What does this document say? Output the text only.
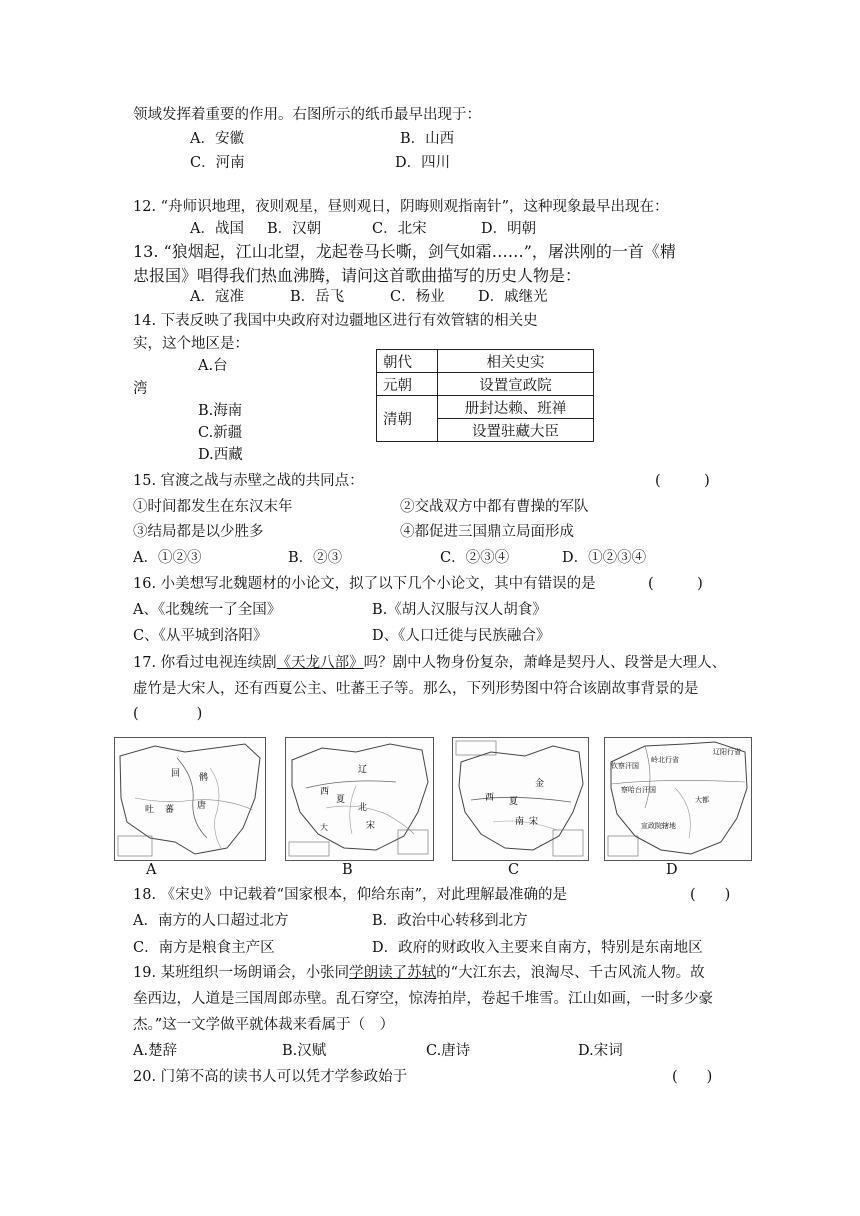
领域发挥着重要的作用。右图所示的纸币最早出现于：
A．安徽	B．山西
C．河南	D．四川
12. “舟师识地理，夜则观星，昼则观日，阴晦则观指南针”，这种现象最早出现在：
A．战国 B．汉朝	C．北宋	D．明朝
13. “狼烟起，江山北望，龙起卷马长嘶，剑气如霜……”，屠洪刚的一首《精
忠报国》唱得我们热血沸腾，请问这首歌曲描写的历史人物是：
A．寇准	B．岳飞	C．杨业 D．戚继光
14. 下表反映了我国中央政府对边疆地区进行有效管辖的相关史
实，这个地区是：
A.台
湾
B.海南
C.新疆
D.西藏
朝代	相关史实
元朝	设置宣政院
清朝	册封达赖、班禅
	设置驻藏大臣
15. 官渡之战与赤壁之战的共同点：	(　　　)
①时间都发生在东汉末年	②交战双方中都有曹操的军队
③结局都是以少胜多	④都促进三国鼎立局面形成
A．①②③	B．②③	C．②③④	D．①②③④
16. 小美想写北魏题材的小论文，拟了以下几个小论文，其中有错误的是	(　　　)
A、《北魏统一了全国》	B.《胡人汉服与汉人胡食》
C、《从平城到洛阳》	D、《人口迁徙与民族融合》
17. 你看过电视连续剧《天龙八部》吗？剧中人物身份复杂，萧峰是契丹人、段誉是大理人、
虚竹是大宋人，还有西夏公主、吐蕃王子等。那么，下列形势图中符合该剧故事背景的是
(　　　　)
回 鹘
吐 蕃	唐
A
辽
西
夏
北
宋
大
B
金
西 夏
南 宋
C
辽阳行省
岭北行省
钦察汗国
察哈台汗国
大都
宣政院辖地
D
18. 《宋史》中记载着“国家根本，仰给东南”，对此理解最准确的是	(　　)
A．南方的人口超过北方	B．政治中心转移到北方
C．南方是粮食主产区	D．政府的财政收入主要来自南方，特别是东南地区
19. 某班组织一场朗诵会，小张同学朗读了苏轼的“大江东去，浪淘尽、千古风流人物。故
垒西边，人道是三国周郎赤壁。乱石穿空，惊涛拍岸，卷起千堆雪。江山如画，一时多少豪
杰。”这一文学做平就体裁来看属于（　）
A.楚辞	B.汉赋	C.唐诗	D.宋词
20. 门第不高的读书人可以凭才学参政始于	(　　)
